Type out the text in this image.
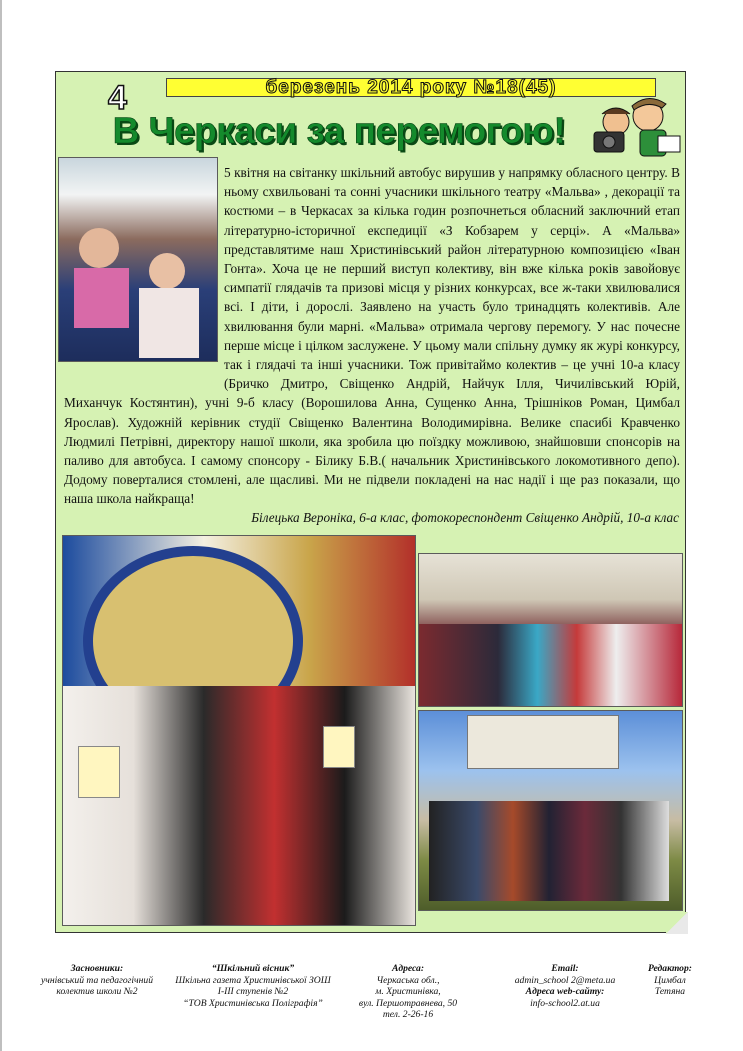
березень 2014 року №18(45)
4
В Черкаси за перемогою!
5 квітня на світанку шкільний автобус вирушив у напрямку обласного центру. В ньому схвильовані та сонні учасники шкільного театру «Мальва» , декорації та костюми – в Черкасах за кілька годин розпочнеться обласний заключний етап літературно-історичної експедиції «З Кобзарем у серці». А «Мальва» представлятиме наш Христинівський район літературною композицією «Іван Гонта». Хоча це не перший виступ колективу, він вже кілька років завойовує симпатії глядачів та призові місця у різних конкурсах, все ж-таки хвилювалися всі. І діти, і дорослі. Заявлено на участь було тринадцять колективів. Але хвилювання були марні. «Мальва» отримала чергову перемогу. У нас почесне перше місце і цілком заслужене. У цьому мали спільну думку як журі конкурсу, так і глядачі та інші учасники. Тож привітаймо колектив – це учні 10-а класу (Бричко Дмитро, Свіщенко Андрій, Найчук Ілля, Чичилівський Юрій, Миханчук Костянтин), учні 9-б класу (Ворошилова Анна, Сущенко Анна, Трішніков Роман, Цимбал Ярослав). Художній керівник студії Свіщенко Валентина Володимирівна. Велике спасибі Кравченко Людмилі Петрівні, директору нашої школи, яка зробила цю поїздку можливою, знайшовши спонсорів на паливо для автобуса. І самому спонсору - Білику Б.В.( начальник Христинівського локомотивного депо). Додому поверталися стомлені, але щасливі. Ми не підвели покладені на нас надії і ще раз показали, що наша школа найкраща!
Білецька Вероніка, 6-а клас, фотокореспондент Свіщенко Андрій, 10-а клас
Засновники:
учнівський та педагогічний колектив школи №2
“Шкільний вісник”
Шкільна газета Христинівської ЗОШ
І-ІІІ ступенів №2
“ТОВ Христинівська Поліграфія”
Адреса:
Черкаська обл.,
м. Христинівка,
вул. Першотравнева, 50
тел. 2-26-16
Email:
admin_school 2@meta.ua
Адреса web-сайту:
info-school2.at.ua
Редактор:
Цимбал
Тетяна
